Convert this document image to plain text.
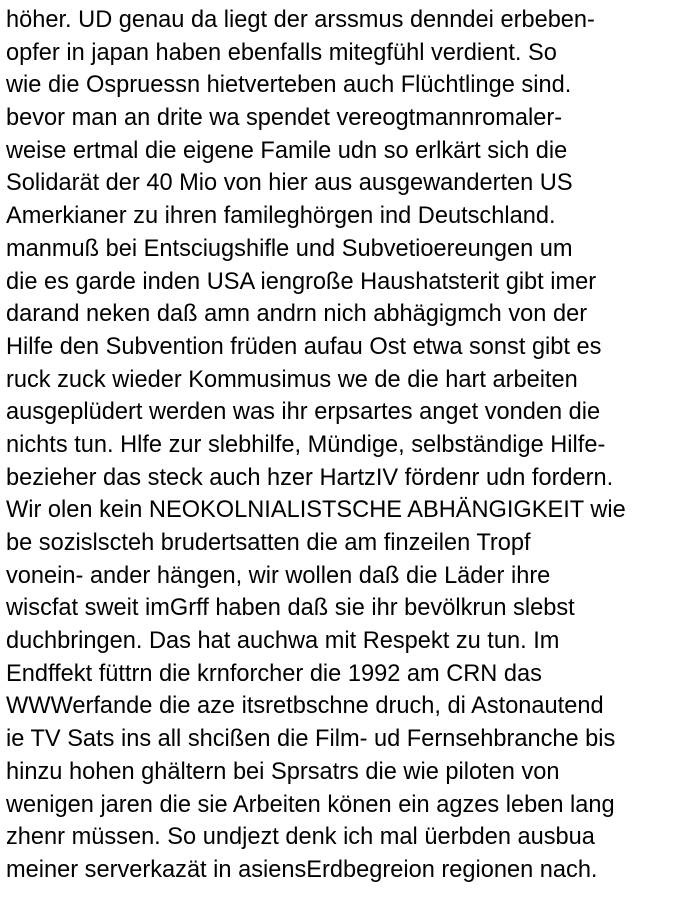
höher. UD genau da liegt der arssmus denndei erbeben-
opfer in japan haben ebenfalls mitegfühl verdient. So
wie die Ospruessn hietverteben auch Flüchtlinge sind.
bevor man an drite wa spendet vereogtmannromaler-
weise ertmal die eigene Famile udn so erlkärt sich die
Solidarät der 40 Mio von hier aus ausgewanderten US
Amerkianer zu ihren famileghörgen ind Deutschland.
manmuß bei Entsciugshifle und Subvetioereungen um
die es garde inden USA iengroße Haushatsterit gibt imer
darand neken daß amn andrn nich abhägigmch von der
Hilfe den Subvention früden aufau Ost etwa sonst gibt es
ruck zuck wieder Kommusimus we de die hart arbeiten
ausgeplüdert werden was ihr erpsartes anget vonden die
nichts tun. Hlfe zur slebhilfe, Mündige, selbständige Hilfe-
bezieher das steck auch hzer HartzIV fördenr udn fordern.
Wir olen kein NEOKOLNIALISTSCHE ABHÄNGIGKEIT wie
be sozislscteh brudertsatten die am finzeilen Tropf
vonein- ander hängen, wir wollen daß die Läder ihre
wiscfat sweit imGrff haben daß sie ihr bevölkrun slebst
duchbringen. Das hat auchwa mit Respekt zu tun. Im
Endffekt füttrn die krnforcher die 1992 am CRN das
WWWerfande die aze itsretbschne druch, di Astonautend
ie TV Sats ins all shcißen die Film- ud Fernsehbranche bis
hinzu hohen ghältern bei Sprsatrs die wie piloten von
wenigen jaren die sie Arbeiten könen ein agzes leben lang
zhenr müssen. So undjezt denk ich mal üerbden ausbua
meiner serverkazät in asiensErdbegreion regionen nach.
